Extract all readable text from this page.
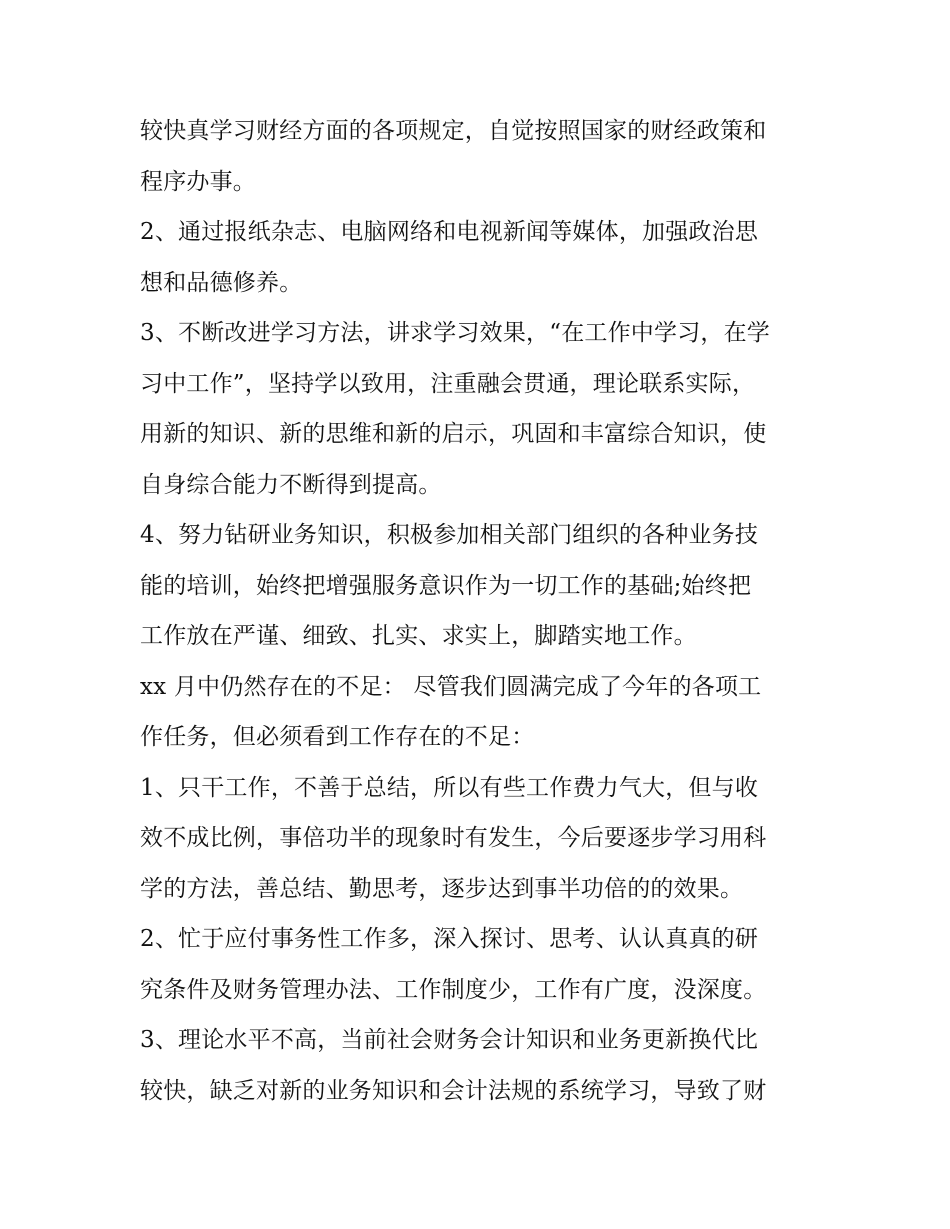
较快真学习财经方面的各项规定，自觉按照国家的财经政策和
程序办事。
2、通过报纸杂志、电脑网络和电视新闻等媒体，加强政治思
想和品德修养。
3、不断改进学习方法，讲求学习效果，“在工作中学习，在学
习中工作”，坚持学以致用，注重融会贯通，理论联系实际，
用新的知识、新的思维和新的启示，巩固和丰富综合知识，使
自身综合能力不断得到提高。
4、努力钻研业务知识，积极参加相关部门组织的各种业务技
能的培训，始终把增强服务意识作为一切工作的基础;始终把
工作放在严谨、细致、扎实、求实上，脚踏实地工作。
xx 月中仍然存在的不足： 尽管我们圆满完成了今年的各项工
作任务，但必须看到工作存在的不足：
1、只干工作，不善于总结，所以有些工作费力气大，但与收
效不成比例，事倍功半的现象时有发生，今后要逐步学习用科
学的方法，善总结、勤思考，逐步达到事半功倍的的效果。
2、忙于应付事务性工作多，深入探讨、思考、认认真真的研
究条件及财务管理办法、工作制度少，工作有广度，没深度。
3、理论水平不高，当前社会财务会计知识和业务更新换代比
较快，缺乏对新的业务知识和会计法规的系统学习，导致了财
